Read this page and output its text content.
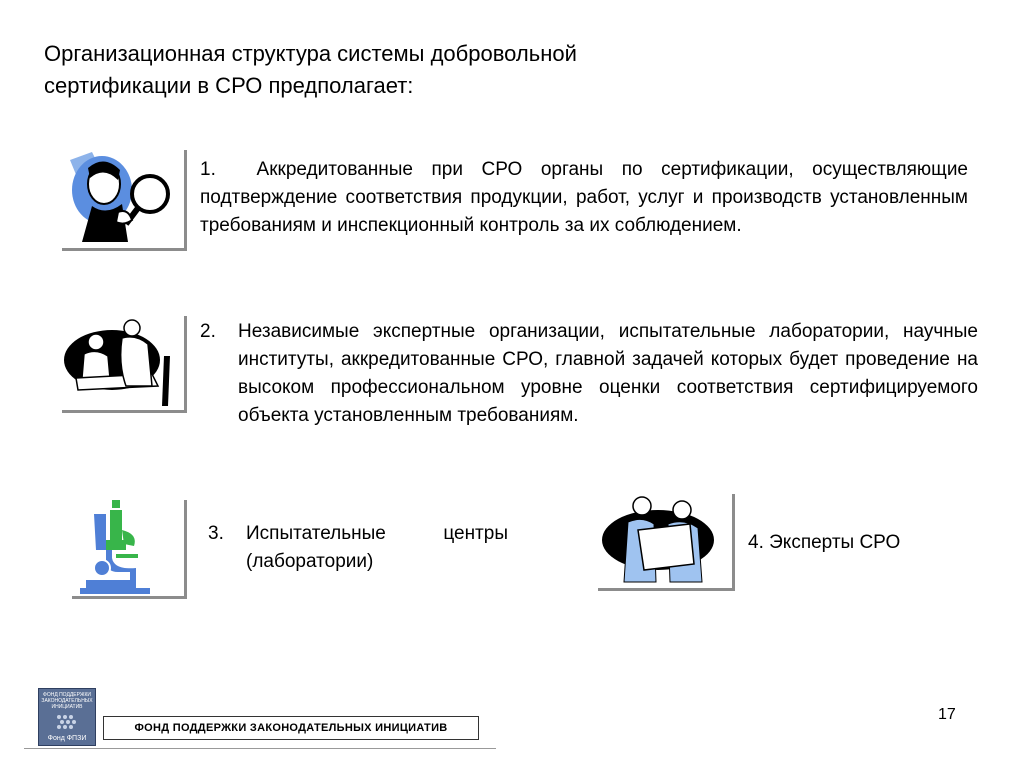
Организационная структура системы добровольной сертификации в СРО предполагает:
1. Аккредитованные при СРО органы по сертификации, осуществляющие подтверждение соответствия продукции, работ, услуг и производств установленным требованиям и инспекционный контроль за их соблюдением.
2. Независимые экспертные организации, испытательные лаборатории, научные институты, аккредитованные СРО, главной задачей которых будет проведение на высоком профессиональном уровне оценки соответствия сертифицируемого объекта установленным требованиям.
3. Испытательные центры (лаборатории)
4. Эксперты СРО
ФОНД ПОДДЕРЖКИ ЗАКОНОДАТЕЛЬНЫХ ИНИЦИАТИВ
Фонд ФПЗИ
ФОНД ПОДДЕРЖКИ ЗАКОНОДАТЕЛЬНЫХ ИНИЦИАТИВ
17
